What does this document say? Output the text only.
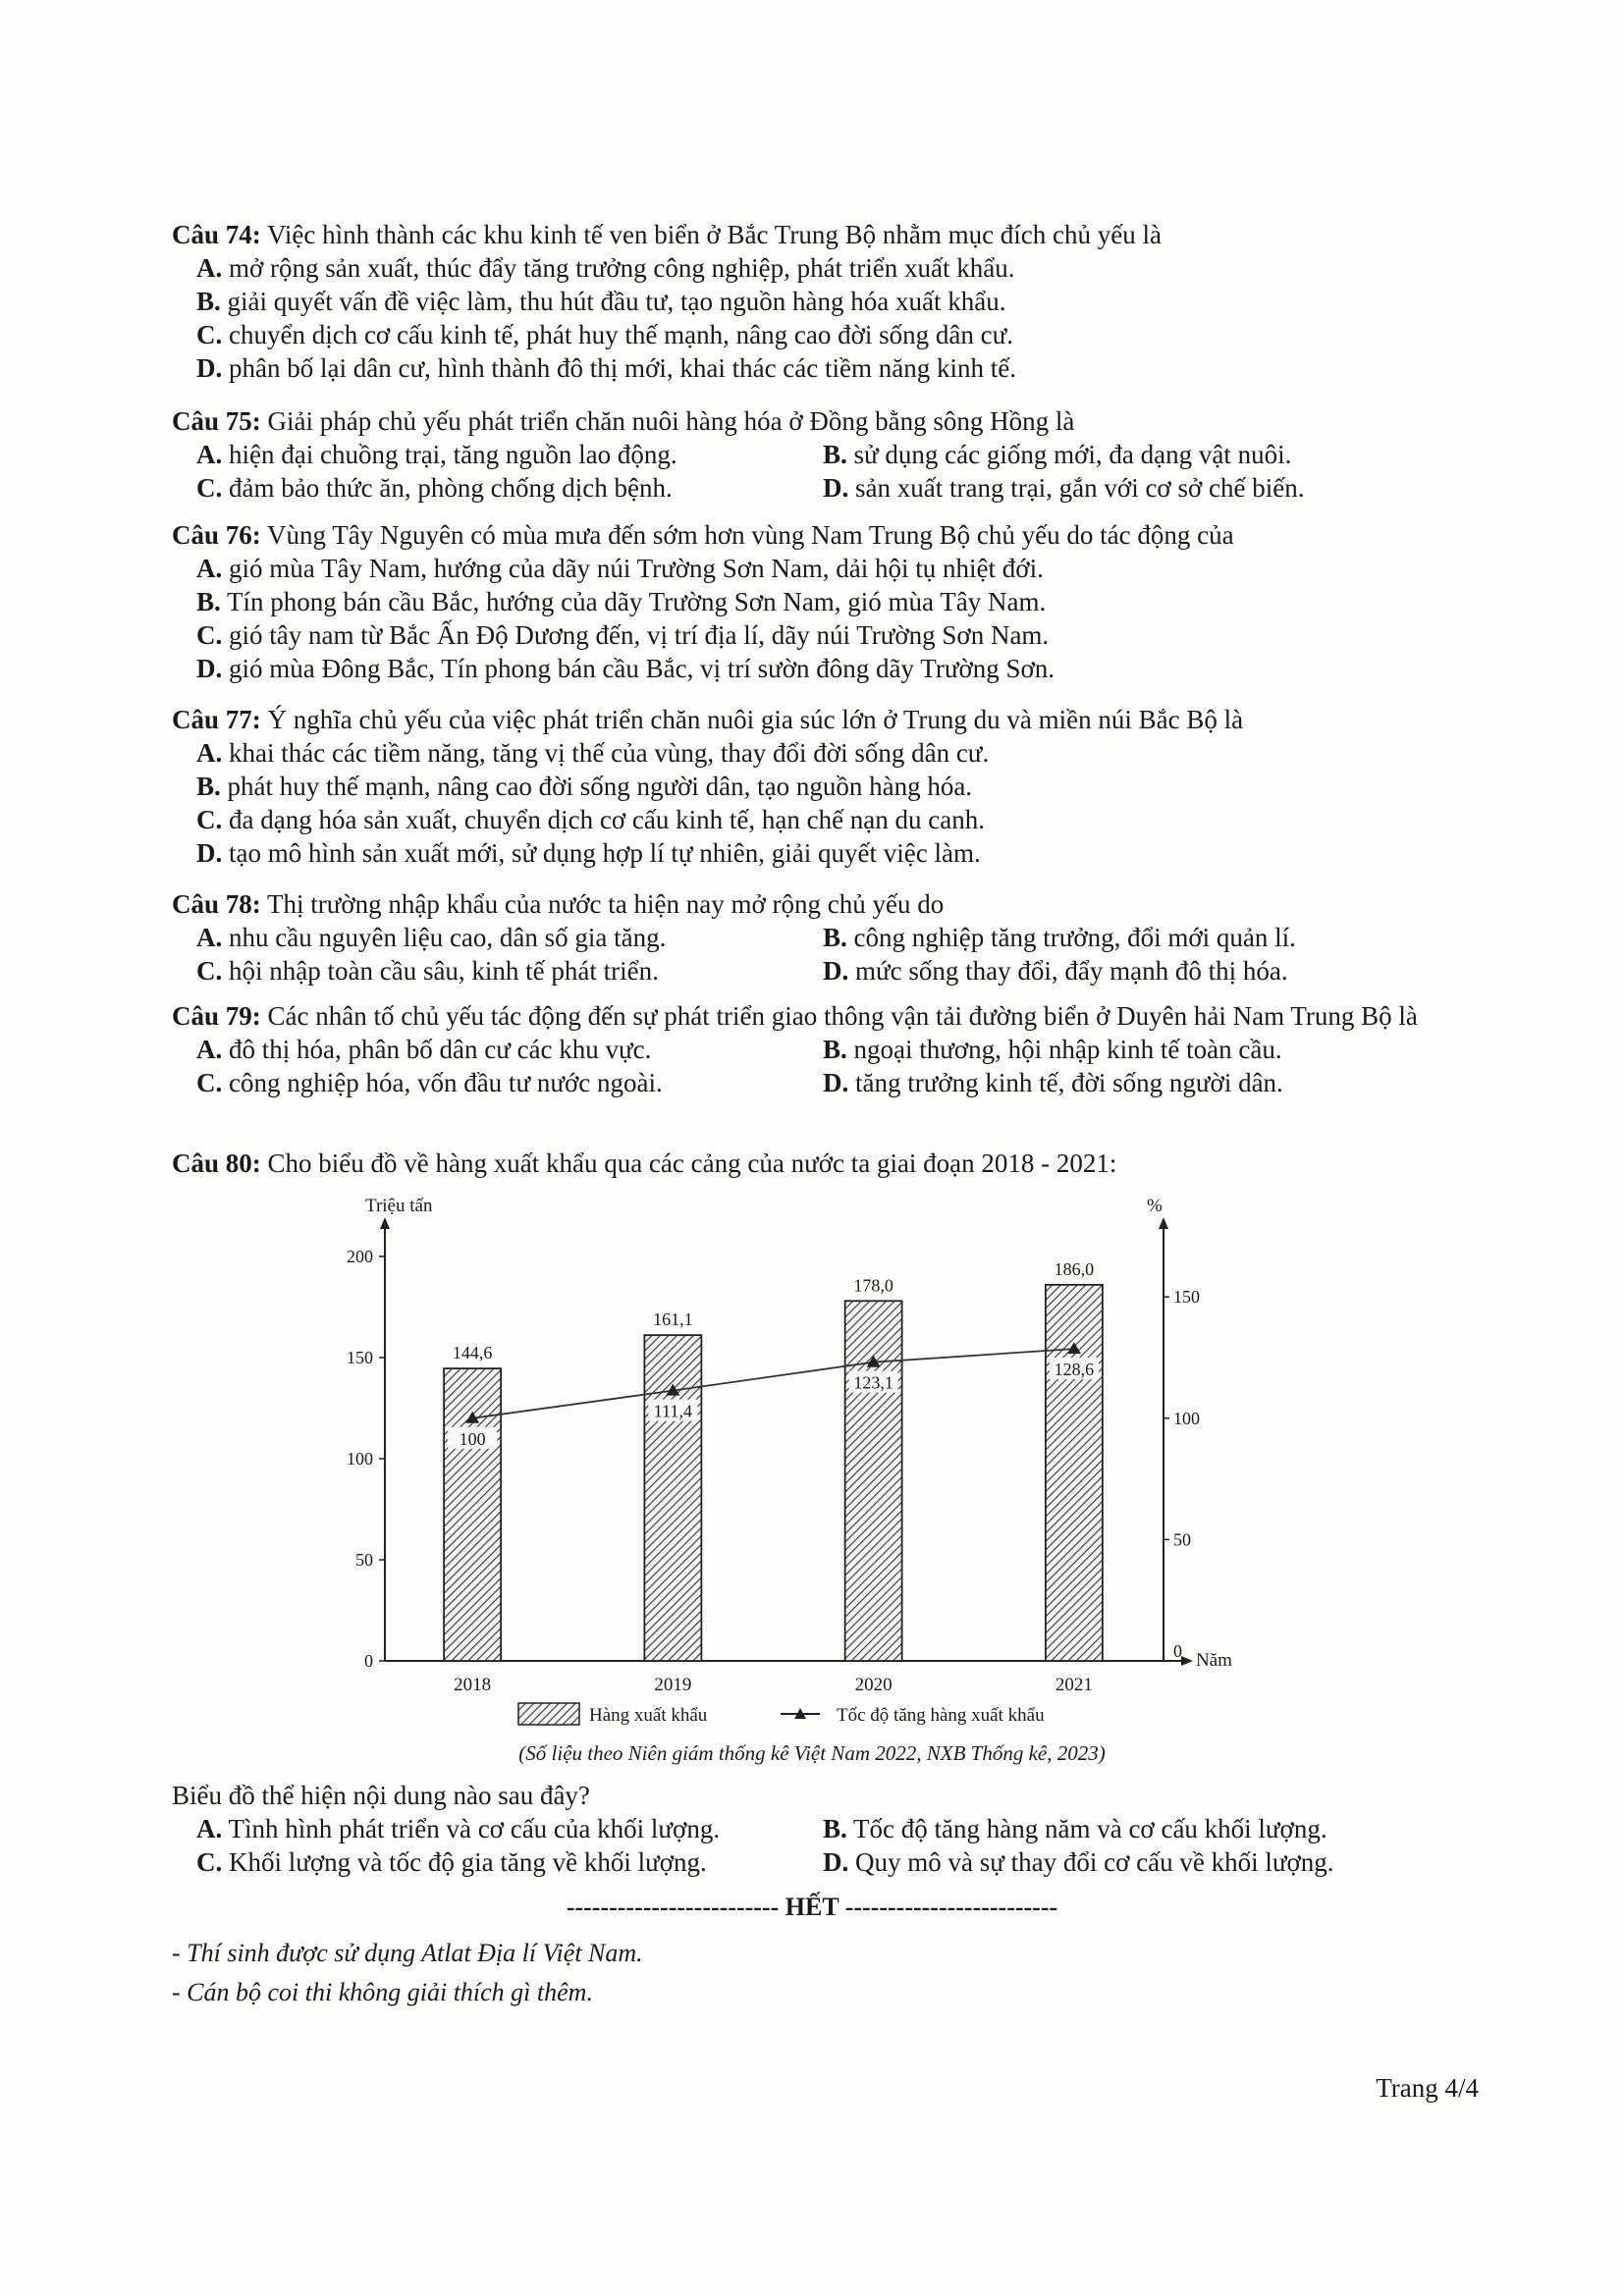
Câu 74: Việc hình thành các khu kinh tế ven biển ở Bắc Trung Bộ nhằm mục đích chủ yếu là
A. mở rộng sản xuất, thúc đẩy tăng trưởng công nghiệp, phát triển xuất khẩu.
B. giải quyết vấn đề việc làm, thu hút đầu tư, tạo nguồn hàng hóa xuất khẩu.
C. chuyển dịch cơ cấu kinh tế, phát huy thế mạnh, nâng cao đời sống dân cư.
D. phân bố lại dân cư, hình thành đô thị mới, khai thác các tiềm năng kinh tế.
Câu 75: Giải pháp chủ yếu phát triển chăn nuôi hàng hóa ở Đồng bằng sông Hồng là
A. hiện đại chuồng trại, tăng nguồn lao động.	B. sử dụng các giống mới, đa dạng vật nuôi.
C. đảm bảo thức ăn, phòng chống dịch bệnh.	D. sản xuất trang trại, gắn với cơ sở chế biến.
Câu 76: Vùng Tây Nguyên có mùa mưa đến sớm hơn vùng Nam Trung Bộ chủ yếu do tác động của
A. gió mùa Tây Nam, hướng của dãy núi Trường Sơn Nam, dải hội tụ nhiệt đới.
B. Tín phong bán cầu Bắc, hướng của dãy Trường Sơn Nam, gió mùa Tây Nam.
C. gió tây nam từ Bắc Ấn Độ Dương đến, vị trí địa lí, dãy núi Trường Sơn Nam.
D. gió mùa Đông Bắc, Tín phong bán cầu Bắc, vị trí sườn đông dãy Trường Sơn.
Câu 77: Ý nghĩa chủ yếu của việc phát triển chăn nuôi gia súc lớn ở Trung du và miền núi Bắc Bộ là
A. khai thác các tiềm năng, tăng vị thế của vùng, thay đổi đời sống dân cư.
B. phát huy thế mạnh, nâng cao đời sống người dân, tạo nguồn hàng hóa.
C. đa dạng hóa sản xuất, chuyển dịch cơ cấu kinh tế, hạn chế nạn du canh.
D. tạo mô hình sản xuất mới, sử dụng hợp lí tự nhiên, giải quyết việc làm.
Câu 78: Thị trường nhập khẩu của nước ta hiện nay mở rộng chủ yếu do
A. nhu cầu nguyên liệu cao, dân số gia tăng.	B. công nghiệp tăng trưởng, đổi mới quản lí.
C. hội nhập toàn cầu sâu, kinh tế phát triển.	D. mức sống thay đổi, đẩy mạnh đô thị hóa.
Câu 79: Các nhân tố chủ yếu tác động đến sự phát triển giao thông vận tải đường biển ở Duyên hải Nam Trung Bộ là
A. đô thị hóa, phân bố dân cư các khu vực.	B. ngoại thương, hội nhập kinh tế toàn cầu.
C. công nghiệp hóa, vốn đầu tư nước ngoài.	D. tăng trưởng kinh tế, đời sống người dân.
Câu 80: Cho biểu đồ về hàng xuất khẩu qua các cảng của nước ta giai đoạn 2018 - 2021:
Triệu tấn	%
0
50
100
150
200
0
50
100
150
100
111,4
123,1
128,6
2018
144,6
2019
161,1
2020
178,0
2021
186,0
Năm
Hàng xuất khẩu	Tốc độ tăng hàng xuất khẩu
(Số liệu theo Niên giám thống kê Việt Nam 2022, NXB Thống kê, 2023)
Biểu đồ thể hiện nội dung nào sau đây?
A. Tình hình phát triển và cơ cấu của khối lượng.	B. Tốc độ tăng hàng năm và cơ cấu khối lượng.
C. Khối lượng và tốc độ gia tăng về khối lượng.	D. Quy mô và sự thay đổi cơ cấu về khối lượng.
------------------------- HẾT -------------------------
- Thí sinh được sử dụng Atlat Địa lí Việt Nam.
- Cán bộ coi thi không giải thích gì thêm.
Trang 4/4
